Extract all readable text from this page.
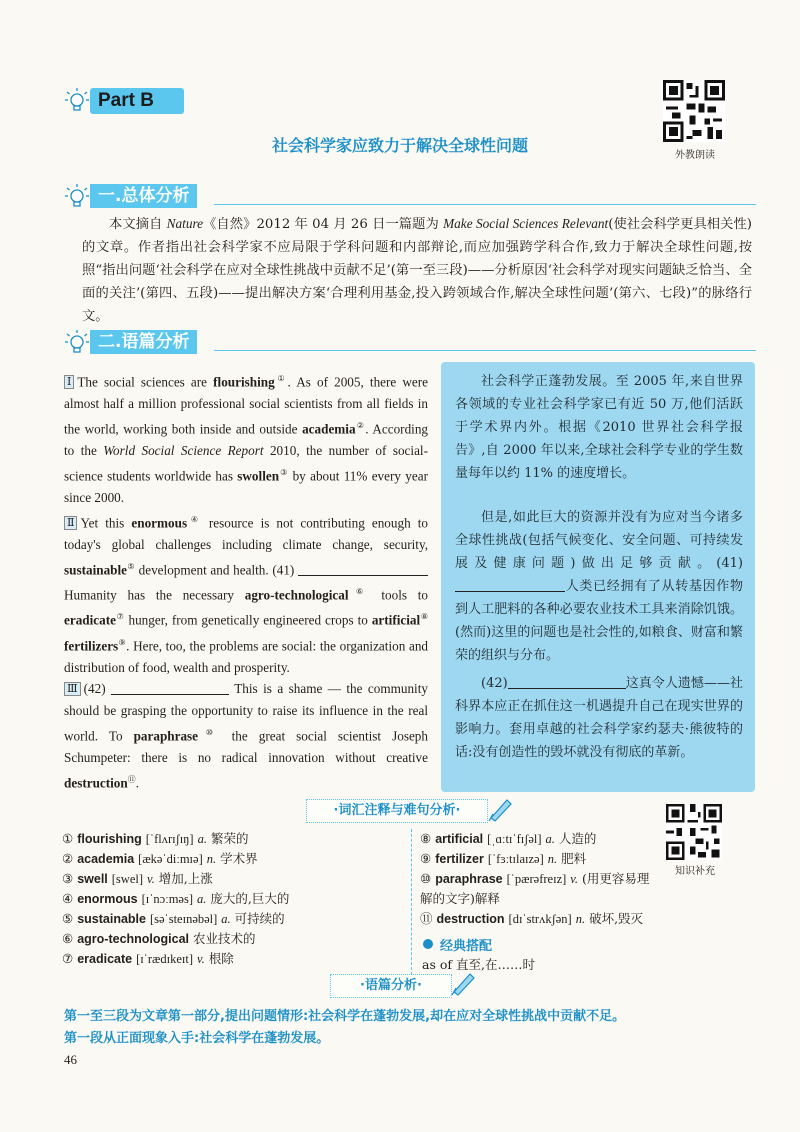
Part B
社会科学家应致力于解决全球性问题
外教朗读
一.总体分析
本文摘自 Nature《自然》2012 年 04 月 26 日一篇题为 Make Social Sciences Relevant(使社会科学更具相关性)的文章。作者指出社会科学家不应局限于学科问题和内部辩论,而应加强跨学科合作,致力于解决全球性问题,按照“指出问题‘社会科学在应对全球性挑战中贡献不足’(第一至三段)——分析原因‘社会科学对现实问题缺乏恰当、全面的关注’(第四、五段)——提出解决方案‘合理利用基金,投入跨领域合作,解决全球性问题’(第六、七段)”的脉络行文。
二.语篇分析

Ⅰ The social sciences are flourishing①. As of 2005, there were almost half a million professional social scientists from all fields in the world, working both inside and outside academia②. According to the World Social Science Report 2010, the number of social-science students worldwide has swollen③ by about 11% every year since 2000.

Ⅱ Yet this enormous④ resource is not contributing enough to today's global challenges including climate change, security, sustainable⑤ development and health. (41)  Humanity has the necessary agro-technological⑥ tools to eradicate⑦ hunger, from genetically engineered crops to artificial⑧ fertilizers⑨. Here, too, the problems are social: the organization and distribution of food, wealth and prosperity.

Ⅲ (42)	This is a shame — the community should be grasping the opportunity to raise its influence in the real world. To paraphrase⑩ the great social scientist Joseph Schumpeter: there is no radical innovation without creative destruction⑪.

社会科学正蓬勃发展。至 2005 年,来自世界各领域的专业社会科学家已有近 50 万,他们活跃于学术界内外。根据《2010 世界社会科学报告》,自 2000 年以来,全球社会科学专业的学生数量每年以约 11% 的速度增长。
但是,如此巨大的资源并没有为应对当今诸多全球性挑战(包括气候变化、安全问题、可持续发展及健康问题)做出足够贡献。(41)人类已经拥有了从转基因作物到人工肥料的各种必要农业技术工具来消除饥饿。(然而)这里的问题也是社会性的,如粮食、财富和繁荣的组织与分布。
(42)	这真令人遗憾——社科界本应正在抓住这一机遇提升自己在现实世界的影响力。套用卓越的社会科学家约瑟夫·熊彼特的话:没有创造性的毁坏就没有彻底的革新。
·词汇注释与难句分析·
① flourishing [ˈflʌrɪʃɪŋ] a. 繁荣的
② academia [ækəˈdiːmɪə] n. 学术界
③ swell [swel] v. 增加,上涨
④ enormous [ɪˈnɔːməs] a. 庞大的,巨大的
⑤ sustainable [səˈsteɪnəbəl] a. 可持续的
⑥ agro-technological 农业技术的
⑦ eradicate [ɪˈrædɪkeɪt] v. 根除
⑧ artificial [ˌɑːtɪˈfɪʃəl] a. 人造的
⑨ fertilizer [ˈfɜːtɪlaɪzə] n. 肥料
⑩ paraphrase [ˈpærəfreɪz] v. (用更容易理解的文字)解释
⑪ destruction [dɪˈstrʌkʃən] n. 破坏,毁灭
知识补充
经典搭配
as of 直至,在……时
·语篇分析·
第一至三段为文章第一部分,提出问题情形:社会科学在蓬勃发展,却在应对全球性挑战中贡献不足。
第一段从正面现象入手:社会科学在蓬勃发展。
46
